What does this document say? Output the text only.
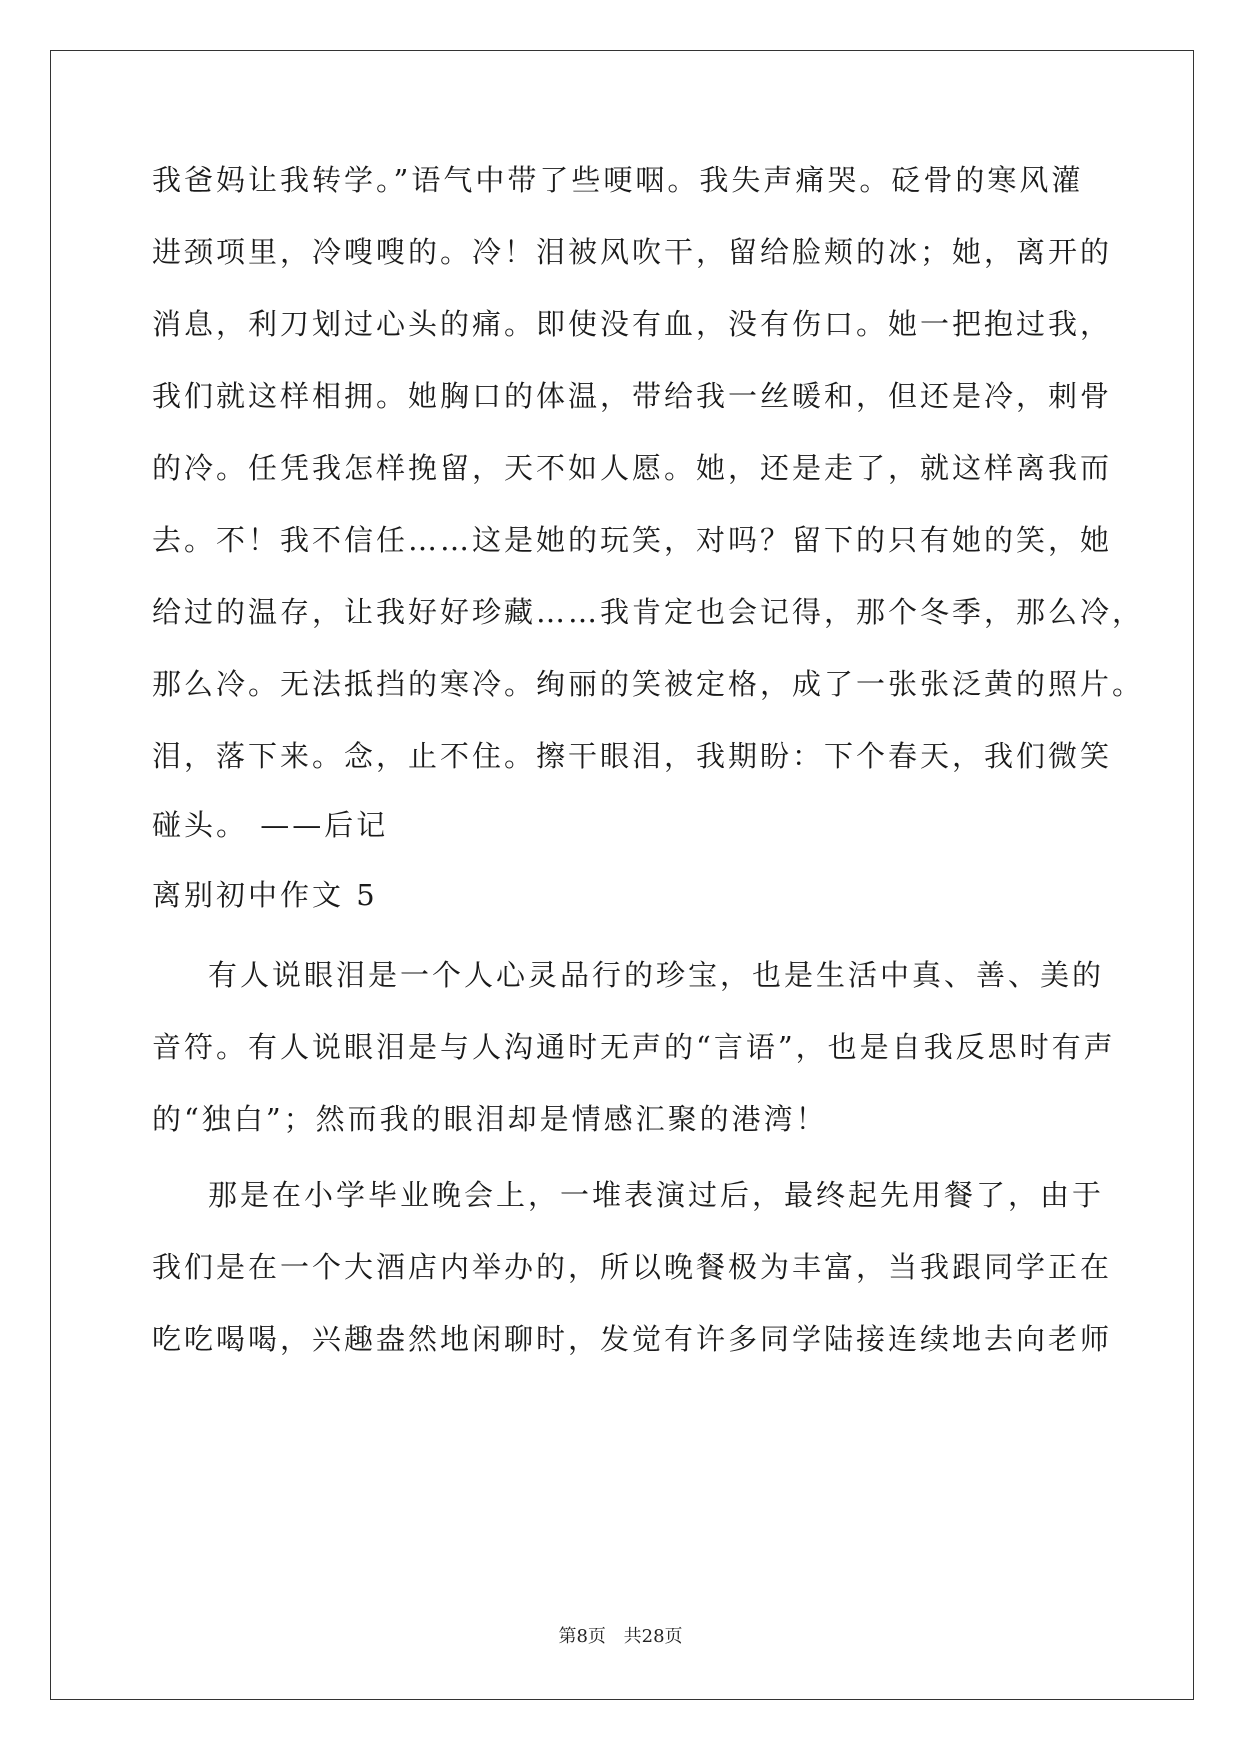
我爸妈让我转学。”语气中带了些哽咽。我失声痛哭。砭骨的寒风灌
进颈项里，冷嗖嗖的。冷！泪被风吹干，留给脸颊的冰；她，离开的
消息，利刀划过心头的痛。即使没有血，没有伤口。她一把抱过我，
我们就这样相拥。她胸口的体温，带给我一丝暖和，但还是冷，刺骨
的冷。任凭我怎样挽留，天不如人愿。她，还是走了，就这样离我而
去。不！我不信任……这是她的玩笑，对吗？留下的只有她的笑，她
给过的温存，让我好好珍藏……我肯定也会记得，那个冬季，那么冷，
那么冷。无法抵挡的寒冷。绚丽的笑被定格，成了一张张泛黄的照片。
泪，落下来。念，止不住。擦干眼泪，我期盼：下个春天，我们微笑
碰头。 ——后记
离别初中作文 5
有人说眼泪是一个人心灵品行的珍宝，也是生活中真、善、美的
音符。有人说眼泪是与人沟通时无声的“言语”，也是自我反思时有声
的“独白”；然而我的眼泪却是情感汇聚的港湾！
那是在小学毕业晚会上，一堆表演过后，最终起先用餐了，由于
我们是在一个大酒店内举办的，所以晚餐极为丰富，当我跟同学正在
吃吃喝喝，兴趣盎然地闲聊时，发觉有许多同学陆接连续地去向老师
第8页 共28页
